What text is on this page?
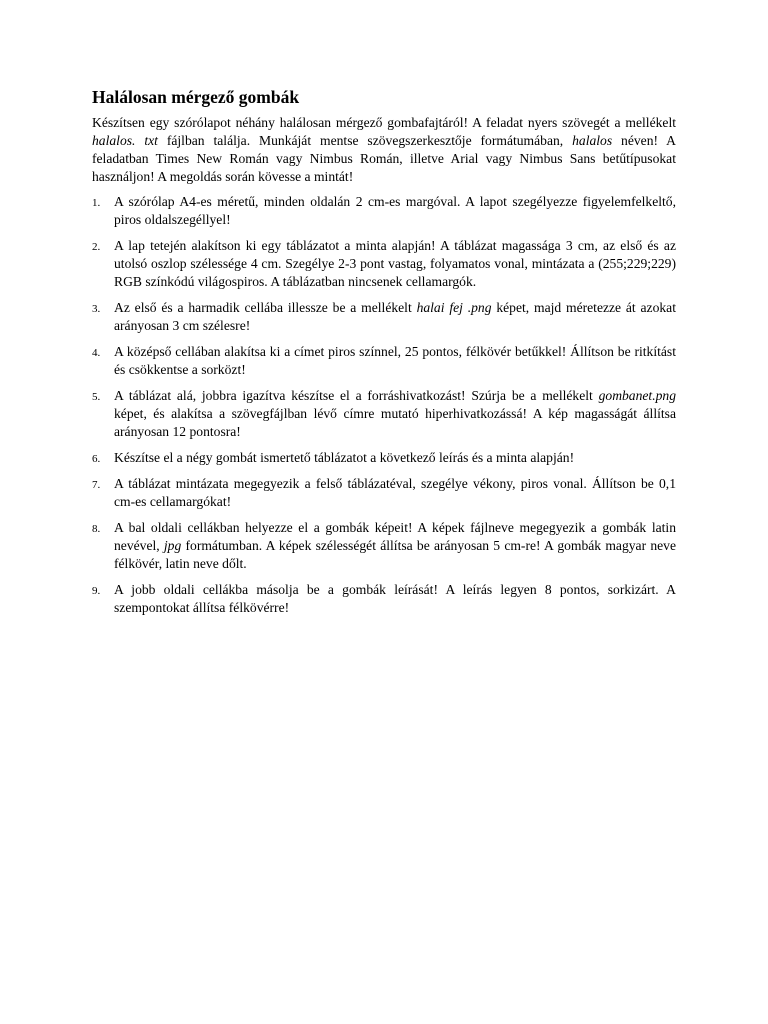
Halálosan mérgező gombák

Készítsen egy szórólapot néhány halálosan mérgező gombafajtáról! A feladat nyers szövegét a mellékelt halalos. txt fájlban találja. Munkáját mentse szövegszerkesztője formátumában, halalos néven! A feladatban Times New Román vagy Nimbus Román, illetve Arial vagy Nimbus Sans betűtípusokat használjon! A megoldás során kövesse a mintát!

1. A szórólap A4-es méretű, minden oldalán 2 cm-es margóval. A lapot szegélyezze figyelemfelkeltő, piros oldalszegéllyel!
2. A lap tetején alakítson ki egy táblázatot a minta alapján! A táblázat magassága 3 cm, az első és az utolsó oszlop szélessége 4 cm. Szegélye 2-3 pont vastag, folyamatos vonal, mintázata a (255;229;229) RGB színkódú világospiros. A táblázatban nincsenek cellamargók.
3. Az első és a harmadik cellába illessze be a mellékelt halai fej .png képet, majd méretezze át azokat arányosan 3 cm szélesre!
4. A középső cellában alakítsa ki a címet piros színnel, 25 pontos, félkövér betűkkel! Állítson be ritkítást és csökkentse a sorközt!
5. A táblázat alá, jobbra igazítva készítse el a forráshivatkozást! Szúrja be a mellékelt gombanet.png képet, és alakítsa a szövegfájlban lévő címre mutató hiperhivatkozássá! A kép magasságát állítsa arányosan 12 pontosra!
6. Készítse el a négy gombát ismertető táblázatot a következő leírás és a minta alapján!
7. A táblázat mintázata megegyezik a felső táblázatéval, szegélye vékony, piros vonal. Állítson be 0,1 cm-es cellamargókat!
8. A bal oldali cellákban helyezze el a gombák képeit! A képek fájlneve megegyezik a gombák latin nevével, jpg formátumban. A képek szélességét állítsa be arányosan 5 cm-re! A gombák magyar neve félkövér, latin neve dőlt.
9. A jobb oldali cellákba másolja be a gombák leírását! A leírás legyen 8 pontos, sorkizárt. A szempontokat állítsa félkövérre!
